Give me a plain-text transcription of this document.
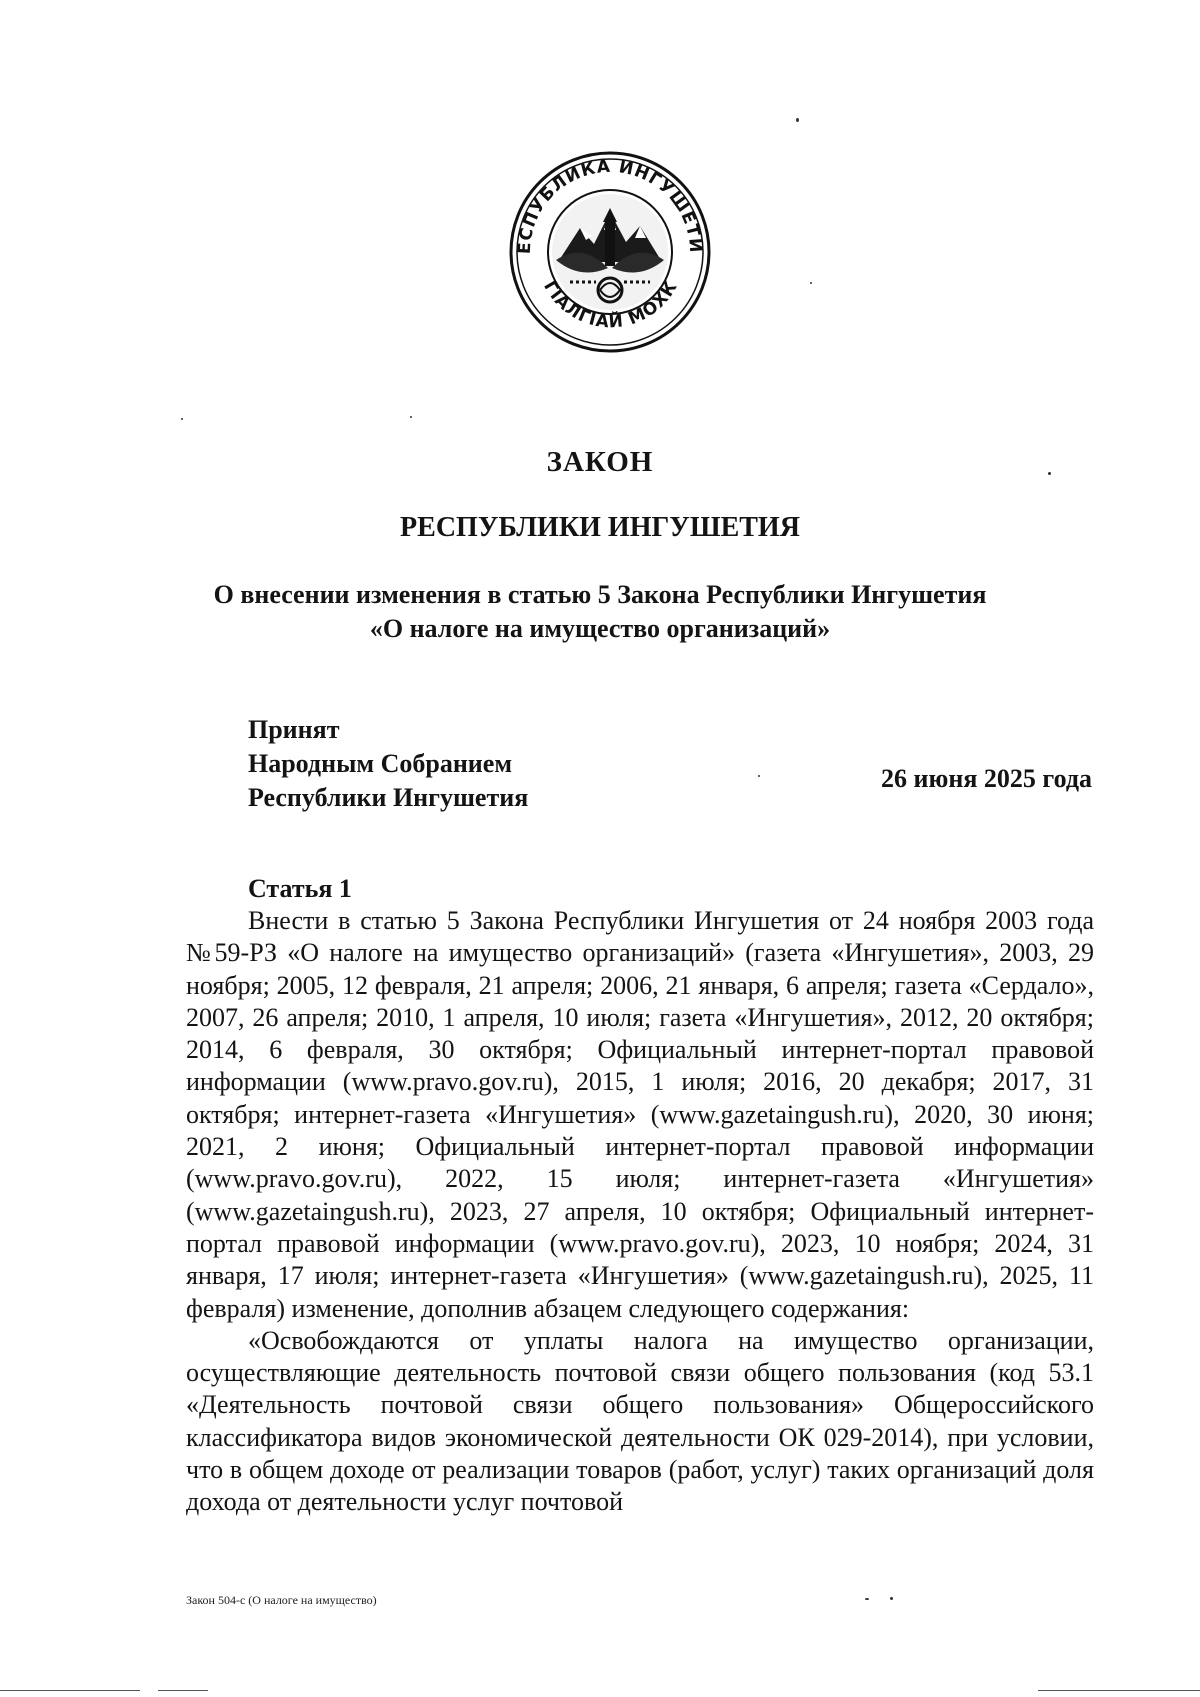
ЕСПУБЛИКА ИНГУШЕТИ
ГIАЛГIАЙ МОХК
ЗАКОН
РЕСПУБЛИКИ ИНГУШЕТИЯ
О внесении изменения в статью 5 Закона Республики Ингушетия
«О налоге на имущество организаций»
Принят
Народным Собранием
Республики Ингушетия
26 июня 2025 года
Статья 1

Внести в статью 5 Закона Республики Ингушетия от 24 ноября 2003 года №59-РЗ «О налоге на имущество организаций» (газета «Ингушетия», 2003, 29 ноября; 2005, 12 февраля, 21 апреля; 2006, 21 января, 6 апреля; газета «Сердало», 2007, 26 апреля; 2010, 1 апреля, 10 июля; газета «Ингушетия», 2012, 20 октября; 2014, 6 февраля, 30 октября; Официальный интернет-портал правовой информации (www.pravo.gov.ru), 2015, 1 июля; 2016, 20 декабря; 2017, 31 октября; интернет-газета «Ингушетия» (www.gazetaingush.ru), 2020, 30 июня; 2021, 2 июня; Официальный интернет-портал правовой информации (www.pravo.gov.ru), 2022, 15 июля; интернет-газета «Ингушетия» (www.gazetaingush.ru), 2023, 27 апреля, 10 октября; Официальный интернет-портал правовой информации (www.pravo.gov.ru), 2023, 10 ноября; 2024, 31 января, 17 июля; интернет-газета «Ингушетия» (www.gazetaingush.ru), 2025, 11 февраля) изменение, дополнив абзацем следующего содержания:

«Освобождаются от уплаты налога на имущество организации, осуществляющие деятельность почтовой связи общего пользования (код 53.1 «Деятельность почтовой связи общего пользования» Общероссийского классификатора видов экономической деятельности ОК 029-2014), при условии, что в общем доходе от реализации товаров (работ, услуг) таких организаций доля дохода от деятельности услуг почтовой

Закон 504-с (О налоге на имущество)
